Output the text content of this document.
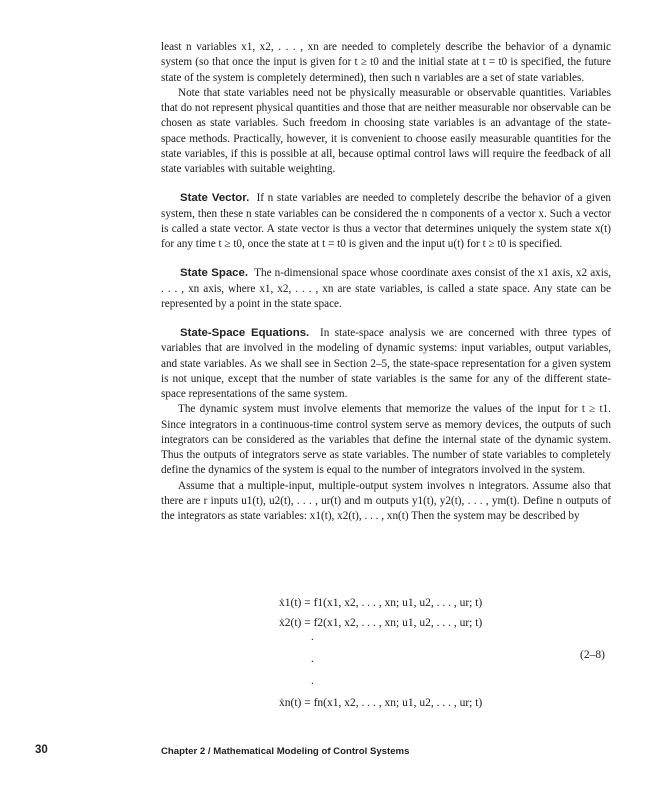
least n variables x1, x2, . . . , xn are needed to completely describe the behavior of a dynamic system (so that once the input is given for t ≥ t0 and the initial state at t = t0 is specified, the future state of the system is completely determined), then such n variables are a set of state variables.

Note that state variables need not be physically measurable or observable quantities. Variables that do not represent physical quantities and those that are neither measurable nor observable can be chosen as state variables. Such freedom in choosing state variables is an advantage of the state-space methods. Practically, however, it is convenient to choose easily measurable quantities for the state variables, if this is possible at all, because optimal control laws will require the feedback of all state variables with suitable weighting.

State Vector. If n state variables are needed to completely describe the behavior of a given system, then these n state variables can be considered the n components of a vector x. Such a vector is called a state vector. A state vector is thus a vector that determines uniquely the system state x(t) for any time t ≥ t0, once the state at t = t0 is given and the input u(t) for t ≥ t0 is specified.

State Space. The n-dimensional space whose coordinate axes consist of the x1 axis, x2 axis, . . . , xn axis, where x1, x2, . . . , xn are state variables, is called a state space. Any state can be represented by a point in the state space.

State-Space Equations. In state-space analysis we are concerned with three types of variables that are involved in the modeling of dynamic systems: input variables, output variables, and state variables. As we shall see in Section 2–5, the state-space representation for a given system is not unique, except that the number of state variables is the same for any of the different state-space representations of the same system.

The dynamic system must involve elements that memorize the values of the input for t ≥ t1. Since integrators in a continuous-time control system serve as memory devices, the outputs of such integrators can be considered as the variables that define the internal state of the dynamic system. Thus the outputs of integrators serve as state variables. The number of state variables to completely define the dynamics of the system is equal to the number of integrators involved in the system.

Assume that a multiple-input, multiple-output system involves n integrators. Assume also that there are r inputs u1(t), u2(t), . . . , ur(t) and m outputs y1(t), y2(t), . . . , ym(t). Define n outputs of the integrators as state variables: x1(t), x2(t), . . . , xn(t) Then the system may be described by

ẋ1(t) = f1(x1, x2, . . . , xn; u1, u2, . . . , ur; t)
ẋ2(t) = f2(x1, x2, . . . , xn; u1, u2, . . . , ur; t)
.
.
.
ẋn(t) = fn(x1, x2, . . . , xn; u1, u2, . . . , ur; t)
(2–8)
30	Chapter 2 / Mathematical Modeling of Control Systems
